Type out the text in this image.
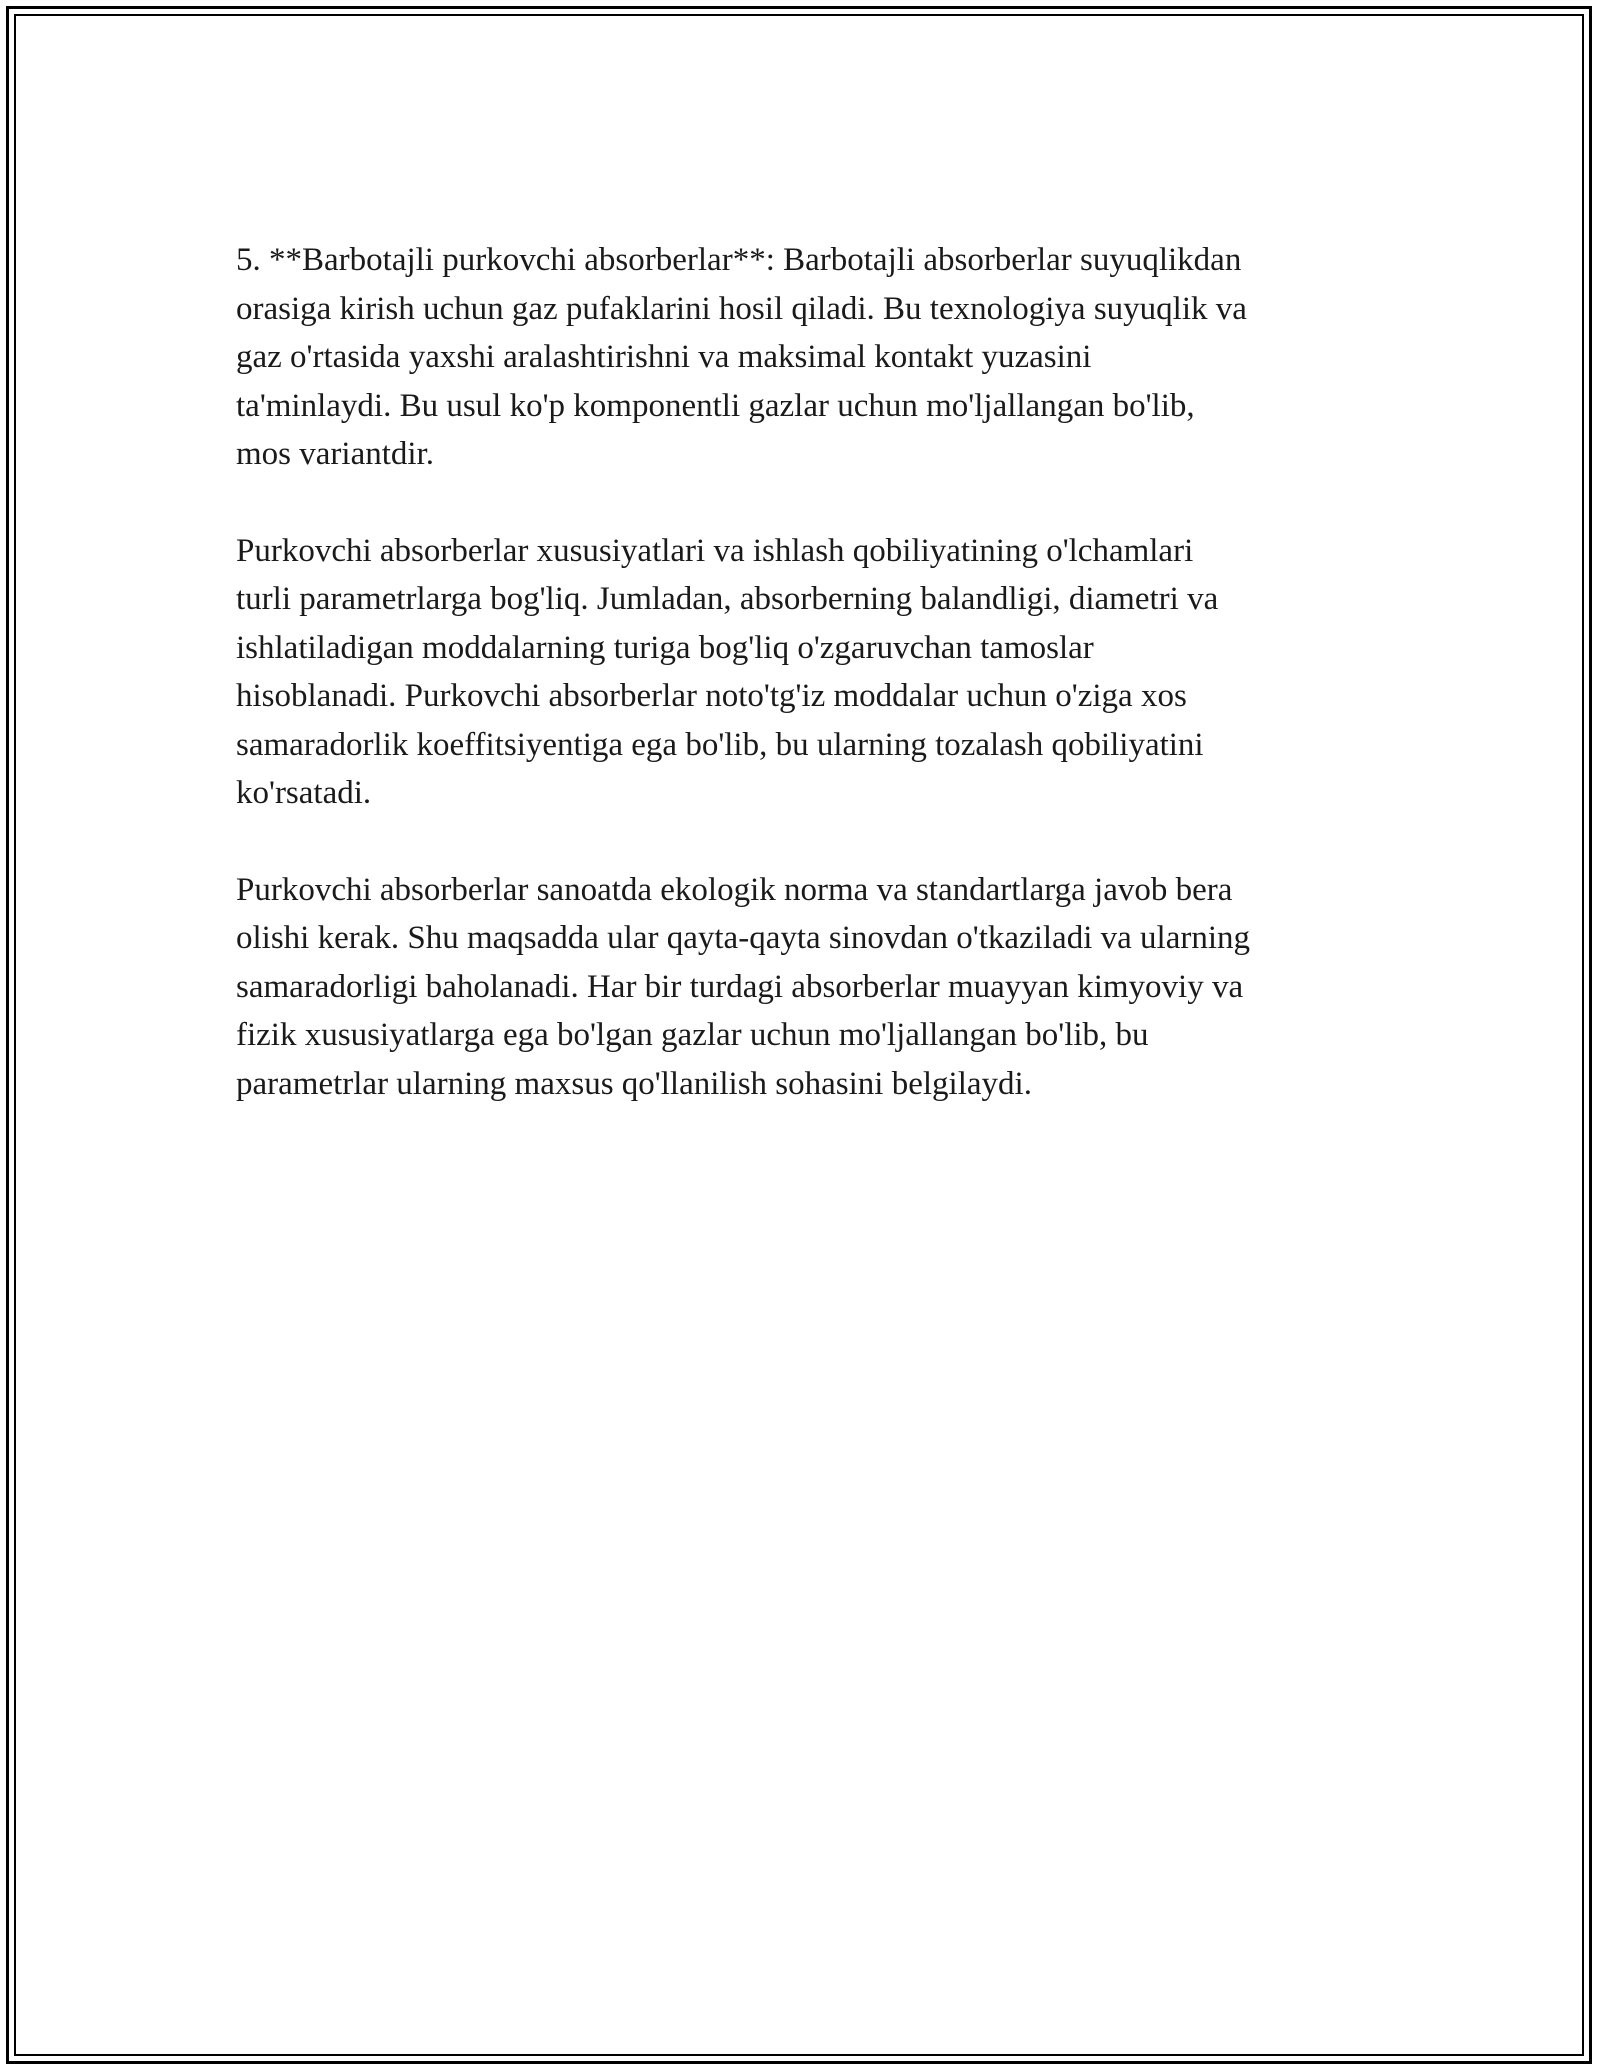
5. **Barbotajli purkovchi absorberlar**: Barbotajli absorberlar suyuqlikdan
orasiga kirish uchun gaz pufaklarini hosil qiladi. Bu texnologiya suyuqlik va
gaz o'rtasida yaxshi aralashtirishni va maksimal kontakt yuzasini
ta'minlaydi. Bu usul ko'p komponentli gazlar uchun mo'ljallangan bo'lib,
mos variantdir.

Purkovchi absorberlar xususiyatlari va ishlash qobiliyatining o'lchamlari
turli parametrlarga bog'liq. Jumladan, absorberning balandligi, diametri va
ishlatiladigan moddalarning turiga bog'liq o'zgaruvchan tamoslar
hisoblanadi. Purkovchi absorberlar noto'tg'iz moddalar uchun o'ziga xos
samaradorlik koeffitsiyentiga ega bo'lib, bu ularning tozalash qobiliyatini
ko'rsatadi.

Purkovchi absorberlar sanoatda ekologik norma va standartlarga javob bera
olishi kerak. Shu maqsadda ular qayta-qayta sinovdan o'tkaziladi va ularning
samaradorligi baholanadi. Har bir turdagi absorberlar muayyan kimyoviy va
fizik xususiyatlarga ega bo'lgan gazlar uchun mo'ljallangan bo'lib, bu
parametrlar ularning maxsus qo'llanilish sohasini belgilaydi.
